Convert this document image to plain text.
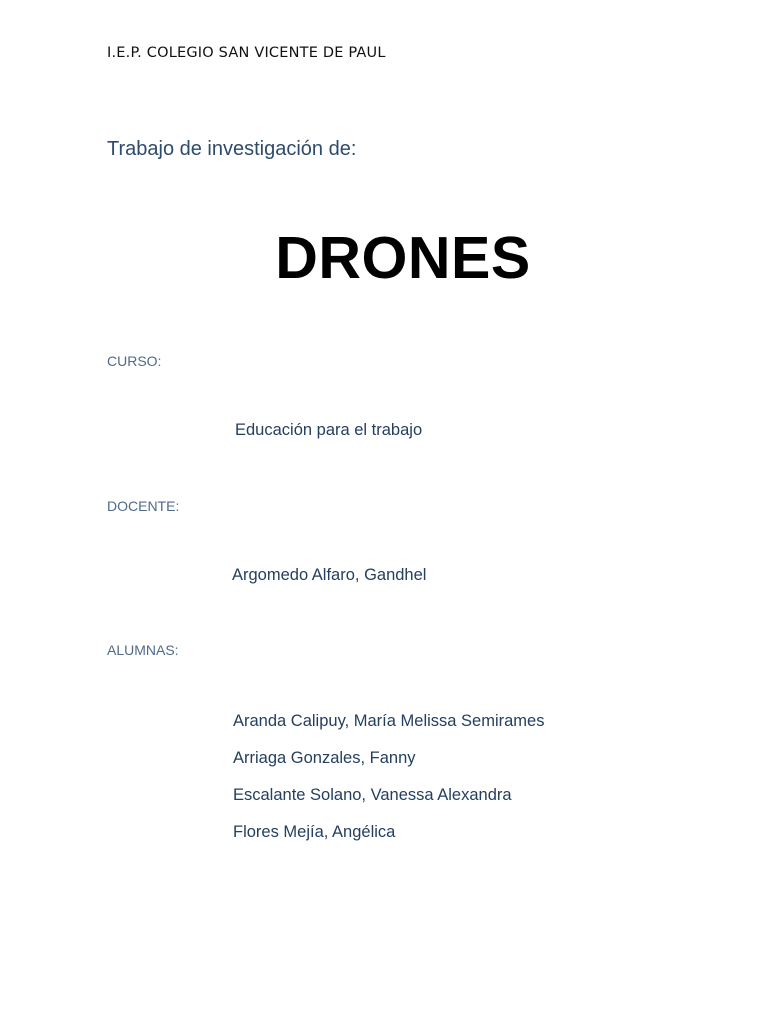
I.E.P. COLEGIO SAN VICENTE DE PAUL
Trabajo de investigación de:
DRONES
CURSO:
Educación para el trabajo
DOCENTE:
Argomedo Alfaro, Gandhel
ALUMNAS:
Aranda Calipuy, María Melissa Semirames
Arriaga Gonzales, Fanny
Escalante Solano, Vanessa Alexandra
Flores Mejía, Angélica
